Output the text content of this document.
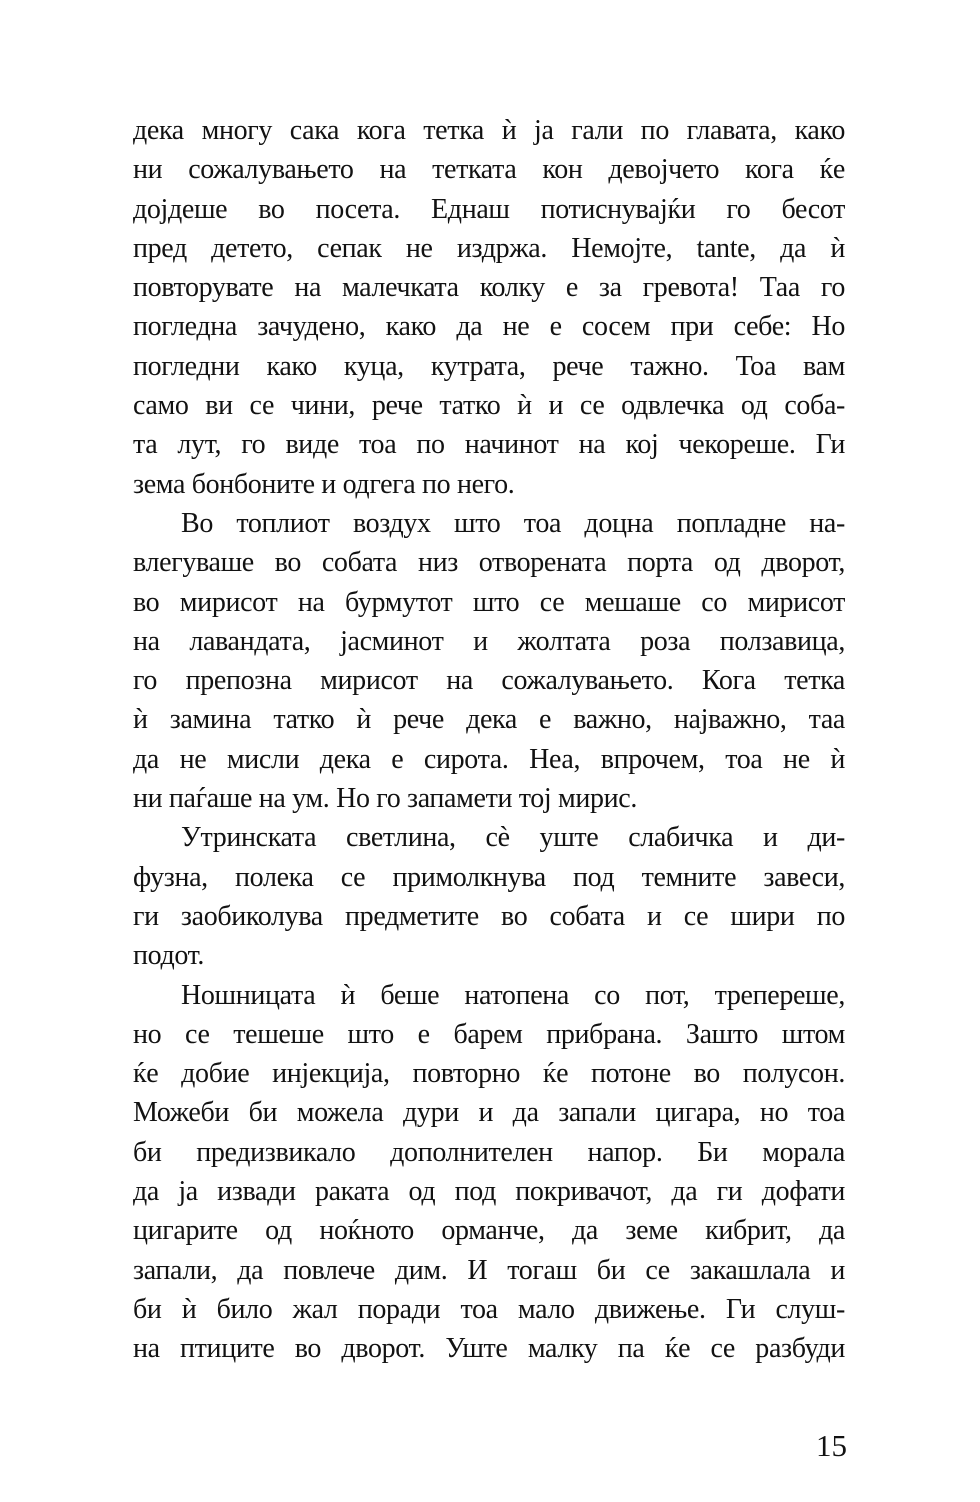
дека многу сака кога тетка ѝ ја гали по главата, како
ни сожалувањето на тетката кон девојчето кога ќе
дојдеше во посета. Еднаш потиснувајќи го бесот
пред детето, сепак не издржа. Немојте, tante, да ѝ
повторувате на малечката колку е за гревота! Таа го
погледна зачудено, како да не е сосем при себе: Но
погледни како куца, кутрата, рече тажно. Тоа вам
само ви се чини, рече татко ѝ и се одвлечка од соба-
та лут, го виде тоа по начинот на кој чекореше. Ги
зема бонбоните и одгега по него.
Во топлиот воздух што тоа доцна попладне на-
влегуваше во собата низ отворената порта од дворот,
во мирисот на бурмутот што се мешаше со мирисот
на лавандата, јасминот и жолтата роза ползавица,
го препозна мирисот на сожалувањето. Кога тетка
ѝ замина татко ѝ рече дека е важно, најважно, таа
да не мисли дека е сирота. Неа, впрочем, тоа не ѝ
ни паѓаше на ум. Но го запамети тој мирис.
Утринската светлина, сè уште слабичка и ди-
фузна, полека се примолкнува под темните завеси,
ги заобиколува предметите во собата и се шири по
подот.
Ношницата ѝ беше натопена со пот, трепереше,
но се тешеше што е барем прибрана. Зашто штом
ќе добие инјекција, повторно ќе потоне во полусон.
Можеби би можела дури и да запали цигара, но тоа
би предизвикало дополнителен напор. Би морала
да ја извади раката од под покривачот, да ги дофати
цигарите од ноќното орманче, да земе кибрит, да
запали, да повлече дим. И тогаш би се закашлала и
би ѝ било жал поради тоа мало движење. Ги слуш-
на птиците во дворот. Уште малку па ќе се разбуди
15
